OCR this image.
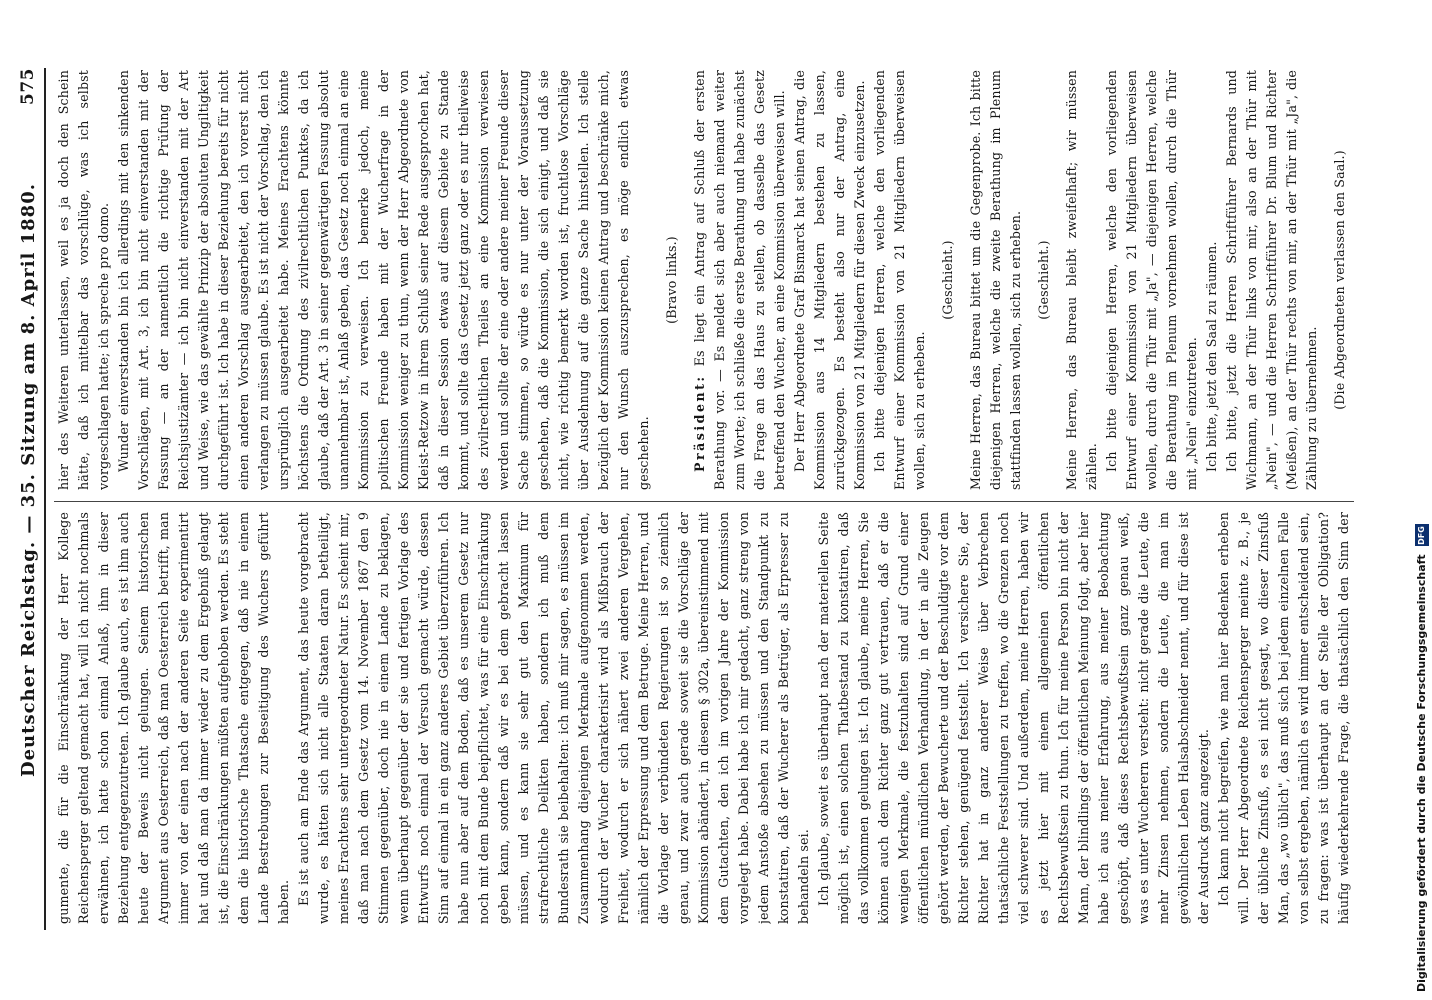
575
Deutscher Reichstag. — 35. Sitzung am 8. April 1880. gumente, die für die Einschränkung der Herr Kollege Reichensperger geltend gemacht hat, will ich nicht nochmals erwähnen, ich hatte schon einmal Anlaß, ihm in dieser Beziehung entgegenzutreten. Ich glaube auch, es ist ihm auch heute der Beweis nicht gelungen. Seinem historischen Argument aus Oesterreich, daß man Oesterreich betrifft, man immer von der einen nach der anderen Seite experimentirt hat und daß man da immer wieder zu dem Ergebniß gelangt ist, die Einschränkungen müßten aufgehoben werden. Es steht dem die historische Thatsache entgegen, daß nie in einem Lande Bestrebungen zur Beseitigung des Wuchers geführt haben. Es ist auch am Ende das Argument, das heute vorgebracht wurde, es hätten sich nicht alle Staaten daran betheiligt, meines Erachtens sehr untergeordneter Natur. Es scheint mir, daß man nach dem Gesetz vom 14. November 1867 den 9 Stimmen gegenüber, doch nie in einem Lande zu beklagen, wenn überhaupt gegenüber der sie und fertigen Vorlage des Entwurfs noch einmal der Versuch gemacht würde, dessen Sinn auf einmal in ein ganz anderes Gebiet überzuführen. Ich habe nun aber auf dem Boden, daß es unserem Gesetz nur noch mit dem Bunde beipflichtet, was für eine Einschränkung geben kann, sondern daß wir es bei dem gebracht lassen müssen, und es kann sie sehr gut den Maximum für strafrechtliche Delikten haben, sondern ich muß dem Bundesrath sie beibehalten: ich muß mir sagen, es müssen im Zusammenhang diejenigen Merkmale aufgenommen werden, wodurch der Wucher charakterisirt wird als Mißbrauch der Freiheit, wodurch er sich nähert zwei anderen Vergehen, nämlich der Erpressung und dem Betruge. Meine Herren, und die Vorlage der verbündeten Regierungen ist so ziemlich genau, und zwar auch gerade soweit sie die Vorschläge der Kommission abändert, in diesem § 302a, übereinstimmend mit dem Gutachten, den ich im vorigen Jahre der Kommission vorgelegt habe. Dabei habe ich mir gedacht, ganz streng von jedem Anstoße absehen zu müssen und den Standpunkt zu konstatiren, daß der Wucherer als Betrüger, als Erpresser zu behandeln sei. Ich glaube, soweit es überhaupt nach der materiellen Seite möglich ist, einen solchen Thatbestand zu konstatiren, daß das vollkommen gelungen ist. Ich glaube, meine Herren, Sie können auch dem Richter ganz gut vertrauen, daß er die wenigen Merkmale, die festzuhalten sind auf Grund einer öffentlichen mündlichen Verhandlung, in der in alle Zeugen gehört werden, der Bewucherte und der Beschuldigte vor dem Richter stehen, genügend feststellt. Ich versichere Sie, der Richter hat in ganz anderer Weise über Verbrechen thatsächliche Feststellungen zu treffen, wo die Grenzen noch viel schwerer sind. Und außerdem, meine Herren, haben wir es jetzt hier mit einem allgemeinen öffentlichen Rechtsbewußtsein zu thun. Ich für meine Person bin nicht der Mann, der blindlings der öffentlichen Meinung folgt, aber hier habe ich aus meiner Erfahrung, aus meiner Beobachtung geschöpft, daß dieses Rechtsbewußtsein ganz genau weiß, was es unter Wucherern versteht: nicht gerade die Leute, die mehr Zinsen nehmen, sondern die Leute, die man im gewöhnlichen Leben Halsabschneider nennt, und für diese ist der Ausdruck ganz angezeigt. Ich kann nicht begreifen, wie man hier Bedenken erheben will. Der Herr Abgeordnete Reichensperger meinte z. B., je der übliche Zinsfuß, es sei nicht gesagt, wo dieser Zinsfuß Man, das „wo üblich", das muß sich bei jedem einzelnen Falle von selbst ergeben, nämlich es wird immer entscheidend sein, zu fragen: was ist überhaupt an der Stelle der Obligation? häufig wiederkehrende Frage, die thatsächlich den Sinn der

hier des Weiteren unterlassen, weil es ja doch den Schein hätte, daß ich mittelbar das vorschlüge, was ich selbst vorgeschlagen hatte; ich spreche pro domo. Wunder einverstanden bin ich allerdings mit den sinkenden Vorschlägen, mit Art. 3, ich bin nicht einverstanden mit der Fassung — an der namentlich die richtige Prüfung der Reichsjustizämter — ich bin nicht einverstanden mit der Art und Weise, wie das gewählte Prinzip der absoluten Ungiltigkeit durchgeführt ist. Ich habe in dieser Beziehung bereits für nicht einen anderen Vorschlag ausgearbeitet, den ich vorerst nicht verlangen zu müssen glaube. Es ist nicht der Vorschlag, den ich ursprünglich ausgearbeitet habe. Meines Erachtens könnte höchstens die Ordnung des zivilrechtlichen Punktes, da ich glaube, daß der Art. 3 in seiner gegenwärtigen Fassung absolut unannehmbar ist, Anlaß geben, das Gesetz noch einmal an eine Kommission zu verweisen. Ich bemerke jedoch, meine politischen Freunde haben mit der Wucherfrage in der Kommission weniger zu thun, wenn der Herr Abgeordnete von Kleist-Retzow in ihrem Schluß seiner Rede ausgesprochen hat, daß in dieser Session etwas auf diesem Gebiete zu Stande kommt, und sollte das Gesetz jetzt ganz oder es nur theilweise des zivilrechtlichen Theiles an eine Kommission verwiesen werden und sollte der eine oder andere meiner Freunde dieser Sache stimmen, so würde es nur unter der Voraussetzung geschehen, daß die Kommission, die sich einigt, und daß sie nicht, wie richtig bemerkt worden ist, fruchtlose Vorschläge über Ausdehnung auf die ganze Sache hinstellen. Ich stelle bezüglich der Kommission keinen Antrag und beschränke mich, nur den Wunsch auszusprechen, es möge endlich etwas geschehen.

(Bravo links.)

Präsident: Es liegt ein Antrag auf Schluß der ersten Berathung vor. — Es meldet sich aber auch niemand weiter zum Worte; ich schließe die erste Berathung und habe zunächst die Frage an das Haus zu stellen, ob dasselbe das Gesetz betreffend den Wucher, an eine Kommission überweisen will. Der Herr Abgeordnete Graf Bismarck hat seinen Antrag, die Kommission aus 14 Mitgliedern bestehen zu lassen, zurückgezogen. Es besteht also nur der Antrag, eine Kommission von 21 Mitgliedern für diesen Zweck einzusetzen. Ich bitte diejenigen Herren, welche den vorliegenden Entwurf einer Kommission von 21 Mitgliedern überweisen wollen, sich zu erheben.

(Geschieht.) Meine Herren, das Bureau bittet um die Gegenprobe. Ich bitte diejenigen Herren, welche die zweite Berathung im Plenum stattfinden lassen wollen, sich zu erheben. (Geschieht.) Meine Herren, das Bureau bleibt zweifelhaft; wir müssen zählen. Ich bitte diejenigen Herren, welche den vorliegenden Entwurf einer Kommission von 21 Mitgliedern überweisen wollen, durch die Thür mit „Ja", — diejenigen Herren, welche die Berathung im Plenum vornehmen wollen, durch die Thür mit „Nein" einzutreten. Ich bitte, jetzt den Saal zu räumen. Ich bitte, jetzt die Herren Schriftführer Bernards und Wichmann, an der Thür links von mir, also an der Thür mit „Nein", — und die Herren Schriftführer Dr. Blum und Richter (Meißen), an der Thür rechts von mir, an der Thür mit „Ja", die Zählung zu übernehmen. (Die Abgeordneten verlassen den Saal.)

Digitalisierung gefördert durch die Deutsche Forschungsgemeinschaft DFG
